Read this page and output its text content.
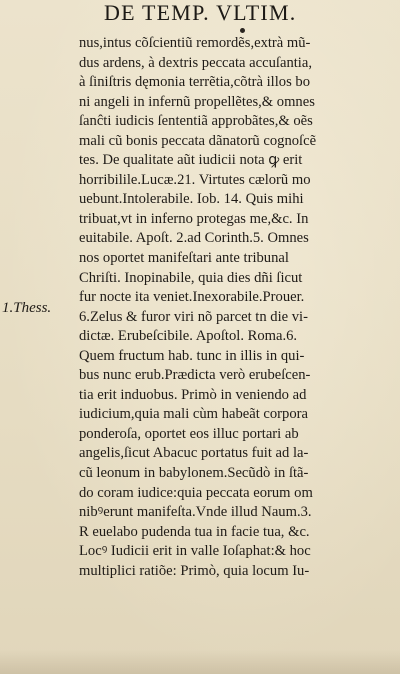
DE TEMP. VLTIM.
1.Thess.
nus,intus cõſcientiũ remordẽs,extrà mũ-
dus ardens, à dextris peccata accuſantia,
à ſiniſtris dęmonia terrẽtia,cõtrà illos bo
ni angeli in infernũ propellẽtes,& omnes
ſanĉti iudicis ſententiã approbãtes,& oẽs
mali cũ bonis peccata dãnatorũ cognoſcẽ
tes. De qualitate aũt iudicii nota ꝙ erit
horribilile.Lucæ.21. Virtutes cælorũ mo
uebunt.Intolerabile. Iob. 14. Quis mihi
tribuat,vt in inferno protegas me,&c. In
euitabile. Apoſt. 2.ad Corinth.5. Omnes
nos oportet manifeſtari ante tribunal
Chriſti. Inopinabile, quia dies dñi ſicut
fur nocte ita veniet.Inexorabile.Prouer.
6.Zelus & furor viri nõ parcet tn die vi-
dictæ. Erubeſcibile. Apoſtol. Roma.6.
Quem fructum hab. tunc in illis in qui-
bus nunc erub.Prædicta verò erubeſcen-
tia erit induobus. Primò in veniendo ad
iudicium,quia mali cùm habeãt corpora
ponderoſa, oportet eos illuc portari ab
angelis,ſicut Abacuc portatus fuit ad la-
cũ leonum in babylonem.Secũdò in ſtã-
do coram iudice:quia peccata eorum om
nibꝰerunt manifeſta.Vnde illud Naum.3.
R euelabo pudenda tua in facie tua, &c.
Locꝰ Iudicii erit in valle Ioſaphat:& hoc
multiplici ratiõe: Primò, quia locum Iu-
